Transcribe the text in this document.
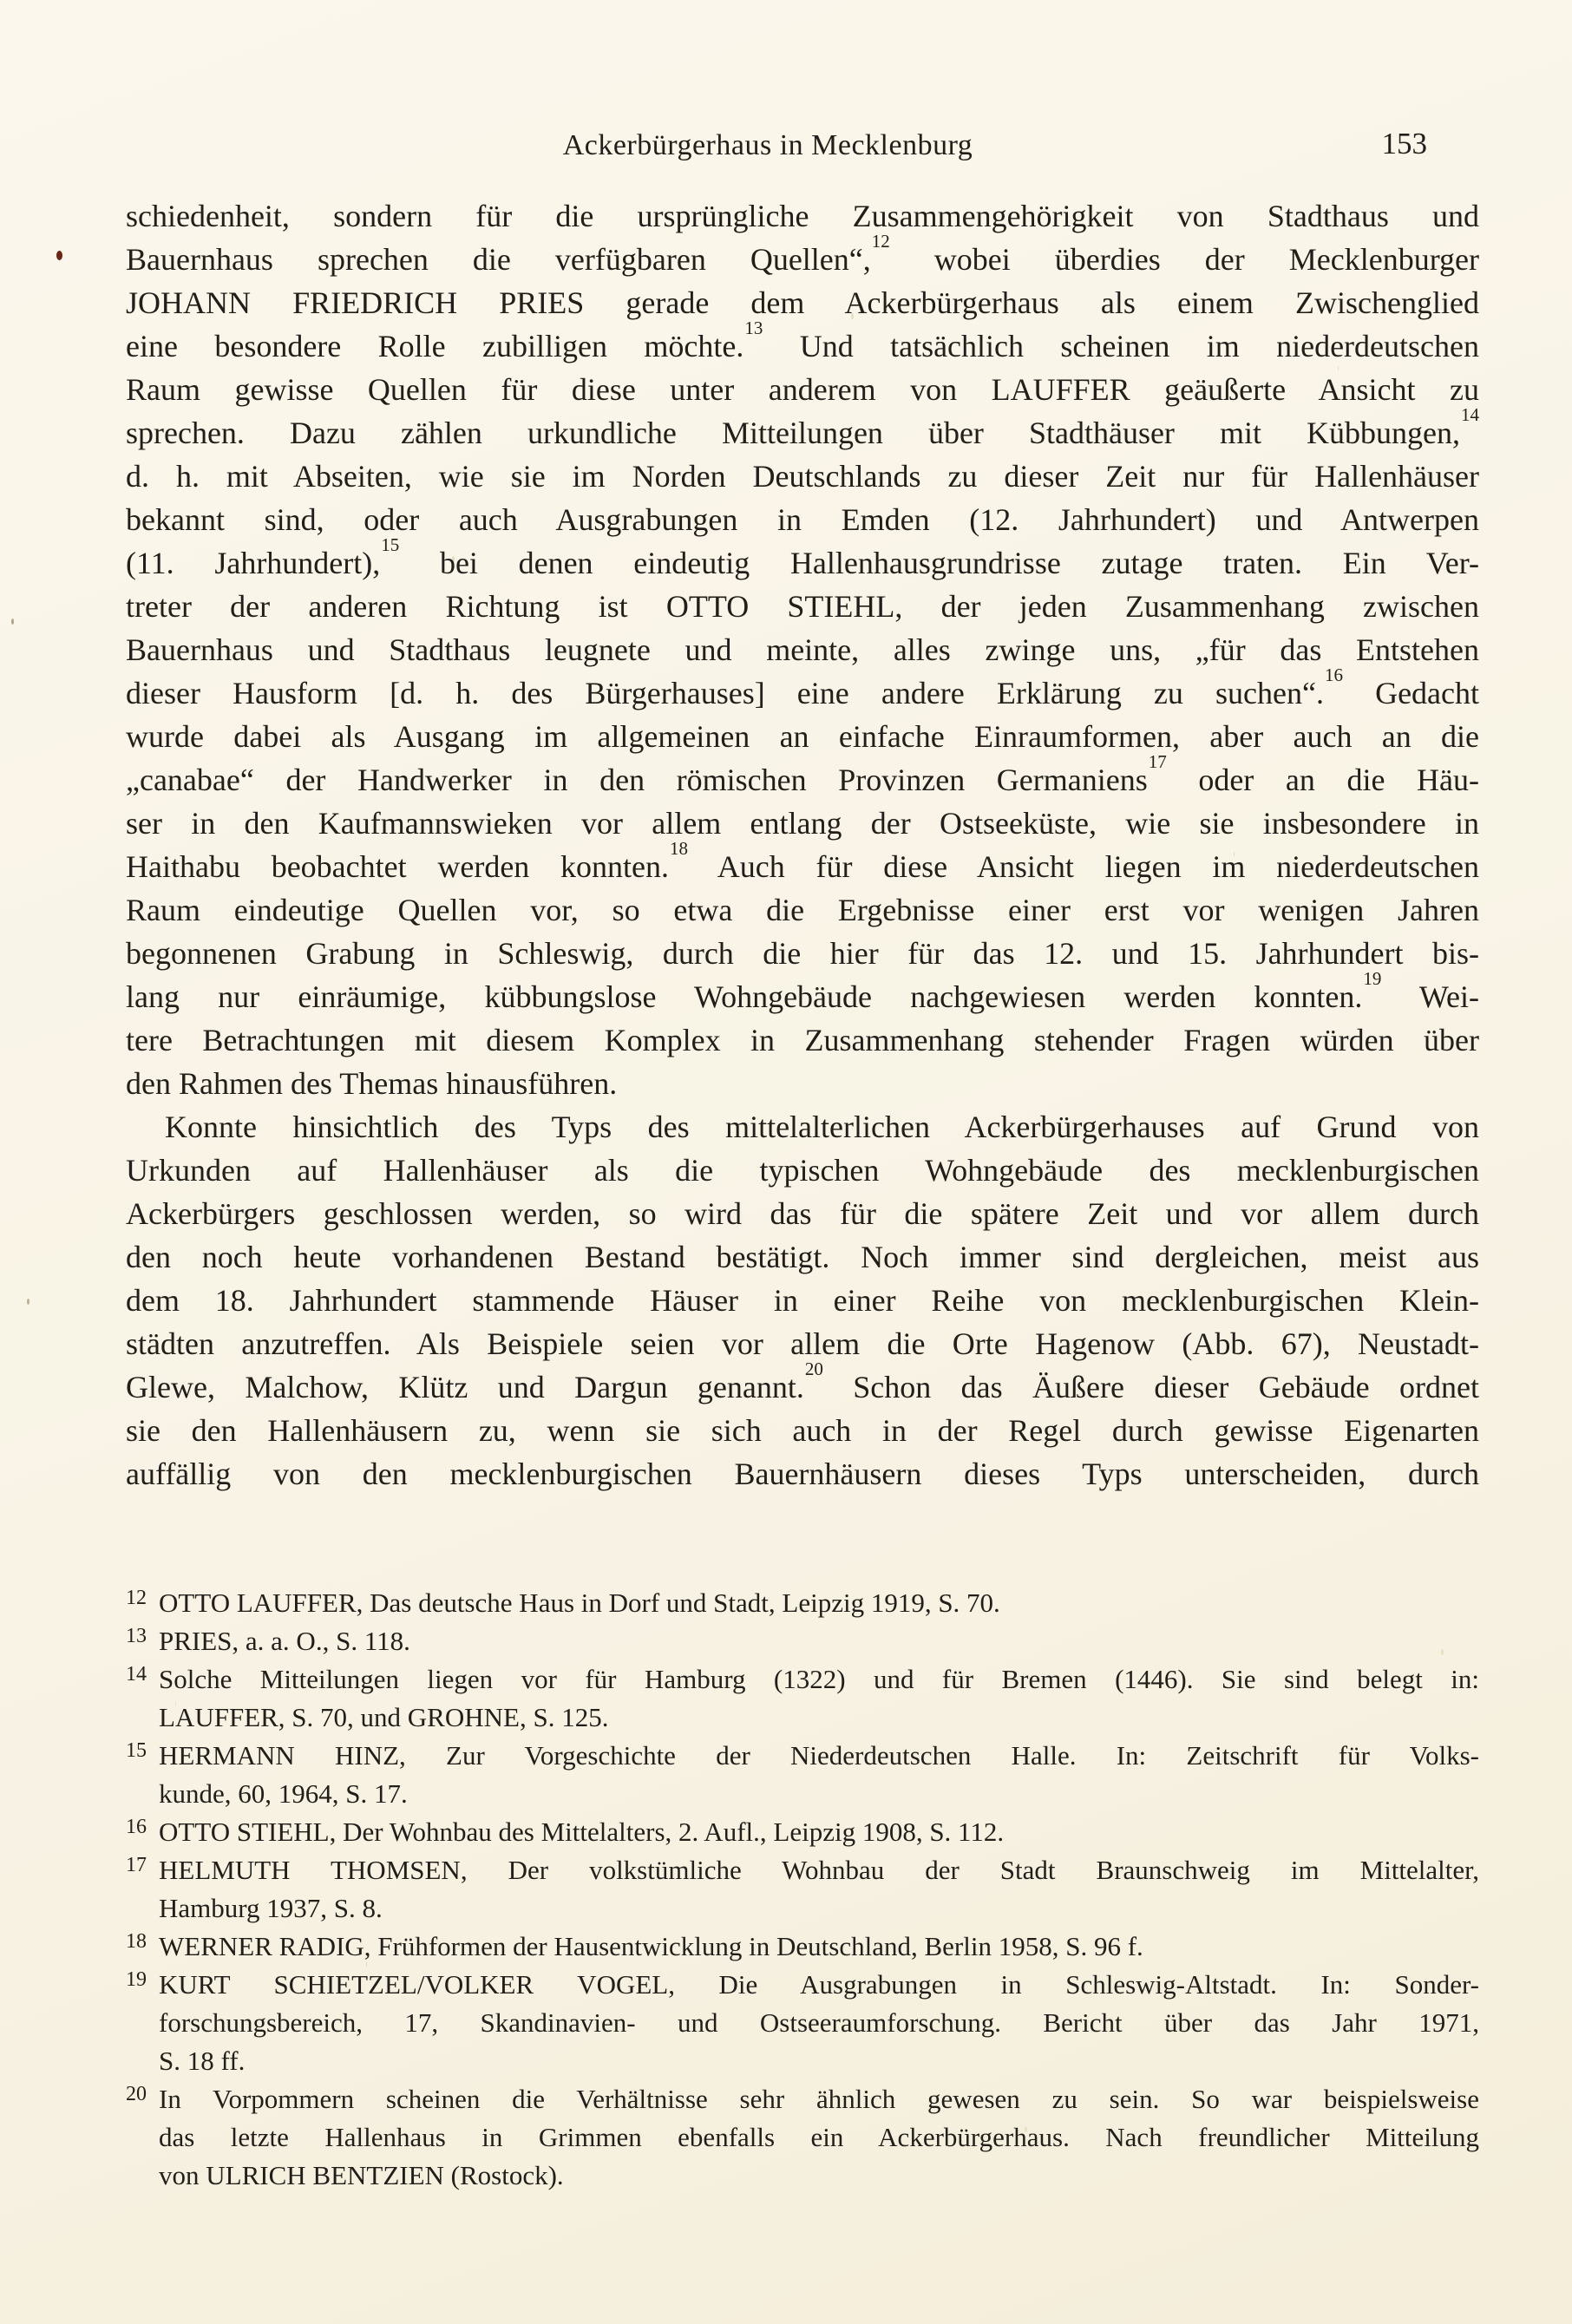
Ackerbürgerhaus in Mecklenburg	153
schiedenheit, sondern für die ursprüngliche Zusammengehörigkeit von Stadthaus und
Bauernhaus sprechen die verfügbaren Quellen“,$^{12}$ wobei überdies der Mecklenburger
JOHANN FRIEDRICH PRIES gerade dem Ackerbürgerhaus als einem Zwischenglied
eine besondere Rolle zubilligen möchte.$^{13}$ Und tatsächlich scheinen im niederdeutschen
Raum gewisse Quellen für diese unter anderem von LAUFFER geäußerte Ansicht zu
sprechen. Dazu zählen urkundliche Mitteilungen über Stadthäuser mit Kübbungen,$^{14}$
d. h. mit Abseiten, wie sie im Norden Deutschlands zu dieser Zeit nur für Hallenhäuser
bekannt sind, oder auch Ausgrabungen in Emden (12. Jahrhundert) und Antwerpen
(11. Jahrhundert),$^{15}$ bei denen eindeutig Hallenhausgrundrisse zutage traten. Ein Ver-
treter der anderen Richtung ist OTTO STIEHL, der jeden Zusammenhang zwischen
Bauernhaus und Stadthaus leugnete und meinte, alles zwinge uns, „für das Entstehen
dieser Hausform [d. h. des Bürgerhauses] eine andere Erklärung zu suchen“.$^{16}$ Gedacht
wurde dabei als Ausgang im allgemeinen an einfache Einraumformen, aber auch an die
„canabae“ der Handwerker in den römischen Provinzen Germaniens$^{17}$ oder an die Häu-
ser in den Kaufmannswieken vor allem entlang der Ostseeküste, wie sie insbesondere in
Haithabu beobachtet werden konnten.$^{18}$ Auch für diese Ansicht liegen im niederdeutschen
Raum eindeutige Quellen vor, so etwa die Ergebnisse einer erst vor wenigen Jahren
begonnenen Grabung in Schleswig, durch die hier für das 12. und 15. Jahrhundert bis-
lang nur einräumige, kübbungslose Wohngebäude nachgewiesen werden konnten.$^{19}$ Wei-
tere Betrachtungen mit diesem Komplex in Zusammenhang stehender Fragen würden über
den Rahmen des Themas hinausführen.
Konnte hinsichtlich des Typs des mittelalterlichen Ackerbürgerhauses auf Grund von
Urkunden auf Hallenhäuser als die typischen Wohngebäude des mecklenburgischen
Ackerbürgers geschlossen werden, so wird das für die spätere Zeit und vor allem durch
den noch heute vorhandenen Bestand bestätigt. Noch immer sind dergleichen, meist aus
dem 18. Jahrhundert stammende Häuser in einer Reihe von mecklenburgischen Klein-
städten anzutreffen. Als Beispiele seien vor allem die Orte Hagenow (Abb. 67), Neustadt-
Glewe, Malchow, Klütz und Dargun genannt.$^{20}$ Schon das Äußere dieser Gebäude ordnet
sie den Hallenhäusern zu, wenn sie sich auch in der Regel durch gewisse Eigenarten
auffällig von den mecklenburgischen Bauernhäusern dieses Typs unterscheiden, durch
12 OTTO LAUFFER, Das deutsche Haus in Dorf und Stadt, Leipzig 1919, S. 70.
13 PRIES, a. a. O., S. 118.
14 Solche Mitteilungen liegen vor für Hamburg (1322) und für Bremen (1446). Sie sind belegt in:
LAUFFER, S. 70, und GROHNE, S. 125.
15 HERMANN HINZ, Zur Vorgeschichte der Niederdeutschen Halle. In: Zeitschrift für Volks-
kunde, 60, 1964, S. 17.
16 OTTO STIEHL, Der Wohnbau des Mittelalters, 2. Aufl., Leipzig 1908, S. 112.
17 HELMUTH THOMSEN, Der volkstümliche Wohnbau der Stadt Braunschweig im Mittelalter,
Hamburg 1937, S. 8.
18 WERNER RADIG, Frühformen der Hausentwicklung in Deutschland, Berlin 1958, S. 96 f.
19 KURT SCHIETZEL/VOLKER VOGEL, Die Ausgrabungen in Schleswig-Altstadt. In: Sonder-
forschungsbereich, 17, Skandinavien- und Ostseeraumforschung. Bericht über das Jahr 1971,
S. 18 ff.
20 In Vorpommern scheinen die Verhältnisse sehr ähnlich gewesen zu sein. So war beispielsweise
das letzte Hallenhaus in Grimmen ebenfalls ein Ackerbürgerhaus. Nach freundlicher Mitteilung
von ULRICH BENTZIEN (Rostock).
